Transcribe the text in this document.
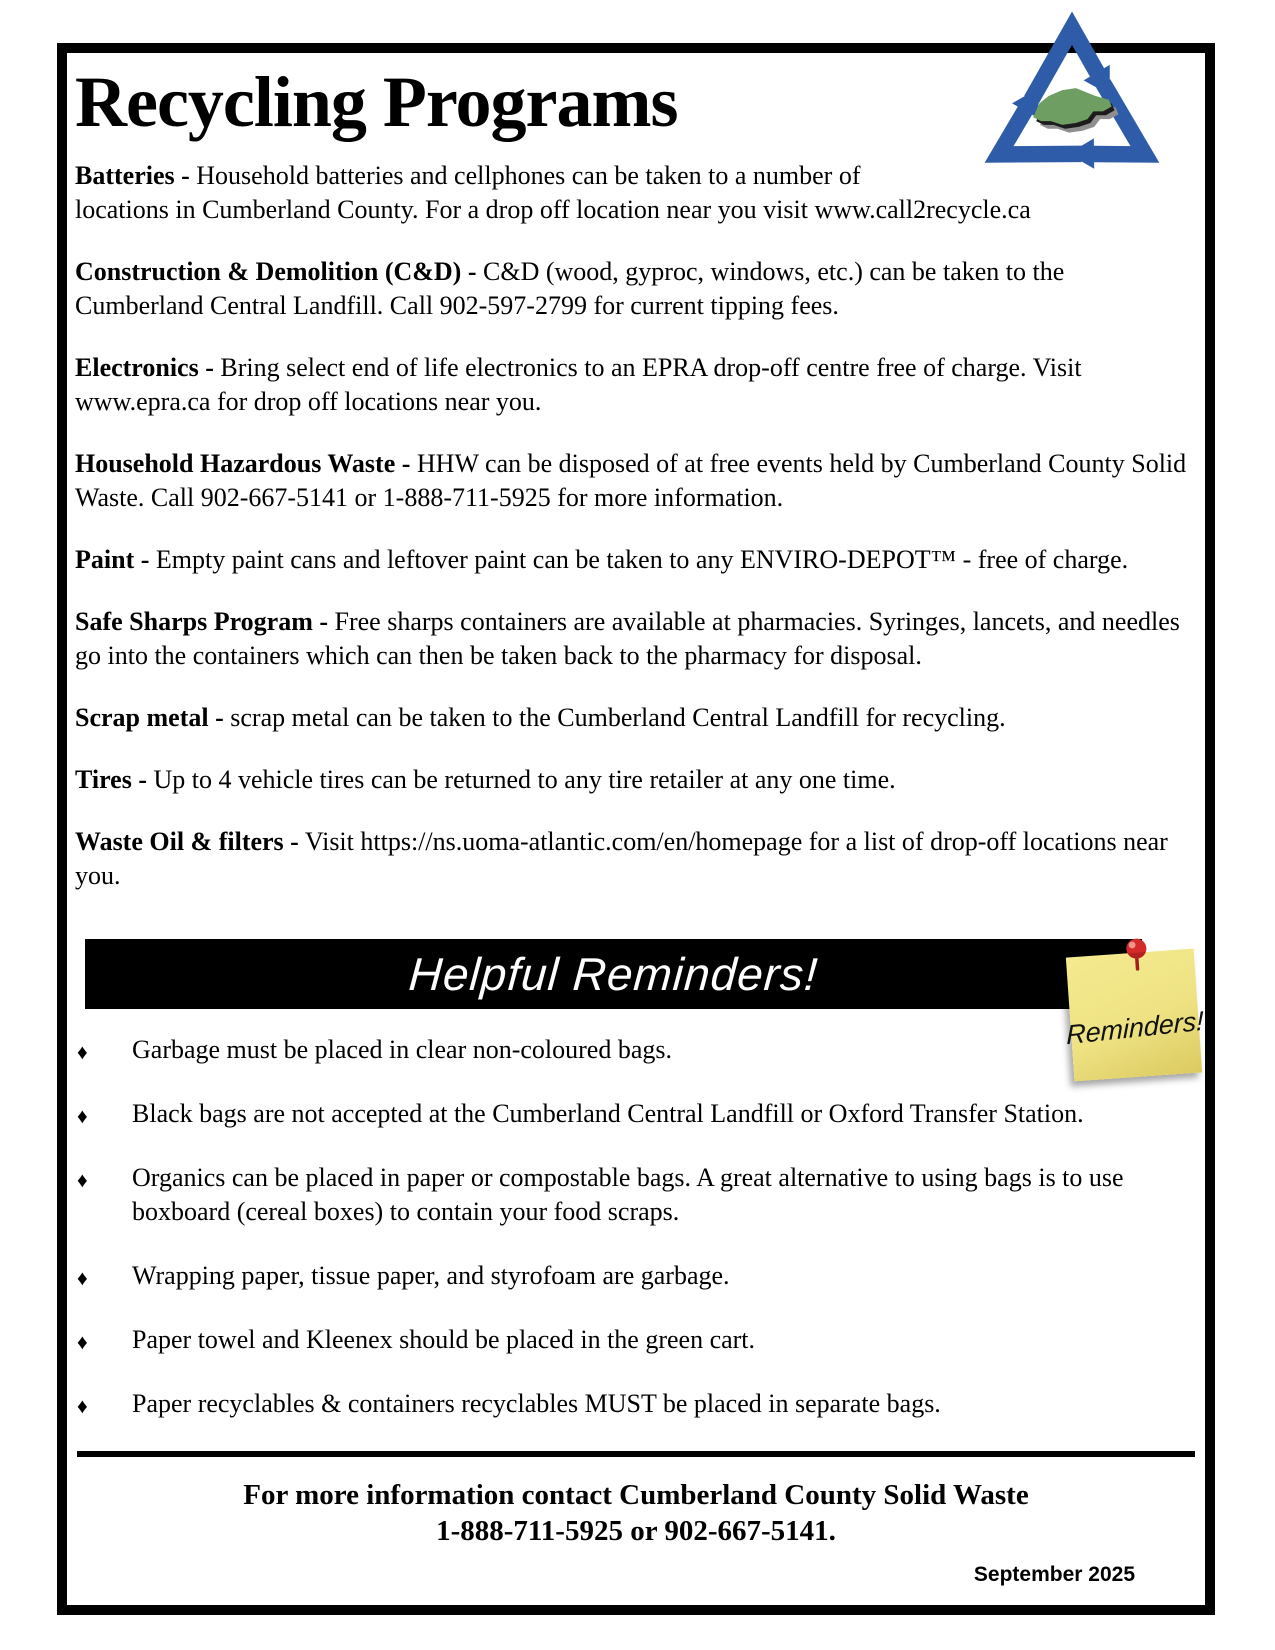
Recycling Programs

Batteries - Household batteries and cellphones can be taken to a number of locations in Cumberland County. For a drop off location near you visit www.call2recycle.ca

Construction & Demolition (C&D) - C&D (wood, gyproc, windows, etc.) can be taken to the Cumberland Central Landfill. Call 902-597-2799 for current tipping fees.

Electronics - Bring select end of life electronics to an EPRA drop-off centre free of charge. Visit www.epra.ca for drop off locations near you.

Household Hazardous Waste - HHW can be disposed of at free events held by Cumberland County Solid Waste. Call 902-667-5141 or 1-888-711-5925 for more information.

Paint - Empty paint cans and leftover paint can be taken to any ENVIRO-DEPOT™ - free of charge.

Safe Sharps Program - Free sharps containers are available at pharmacies. Syringes, lancets, and needles go into the containers which can then be taken back to the pharmacy for disposal.

Scrap metal - scrap metal can be taken to the Cumberland Central Landfill for recycling.

Tires - Up to 4 vehicle tires can be returned to any tire retailer at any one time.

Waste Oil & filters - Visit https://ns.uoma-atlantic.com/en/homepage for a list of drop-off locations near you.

Helpful Reminders!
♦ Garbage must be placed in clear non-coloured bags.
♦ Black bags are not accepted at the Cumberland Central Landfill or Oxford Transfer Station.
♦ Organics can be placed in paper or compostable bags. A great alternative to using bags is to use boxboard (cereal boxes) to contain your food scraps.
♦ Wrapping paper, tissue paper, and styrofoam are garbage.
♦ Paper towel and Kleenex should be placed in the green cart.
♦ Paper recyclables & containers recyclables MUST be placed in separate bags.

For more information contact Cumberland County Solid Waste

1-888-711-5925 or 902-667-5141.

September 2025
Reminders!
